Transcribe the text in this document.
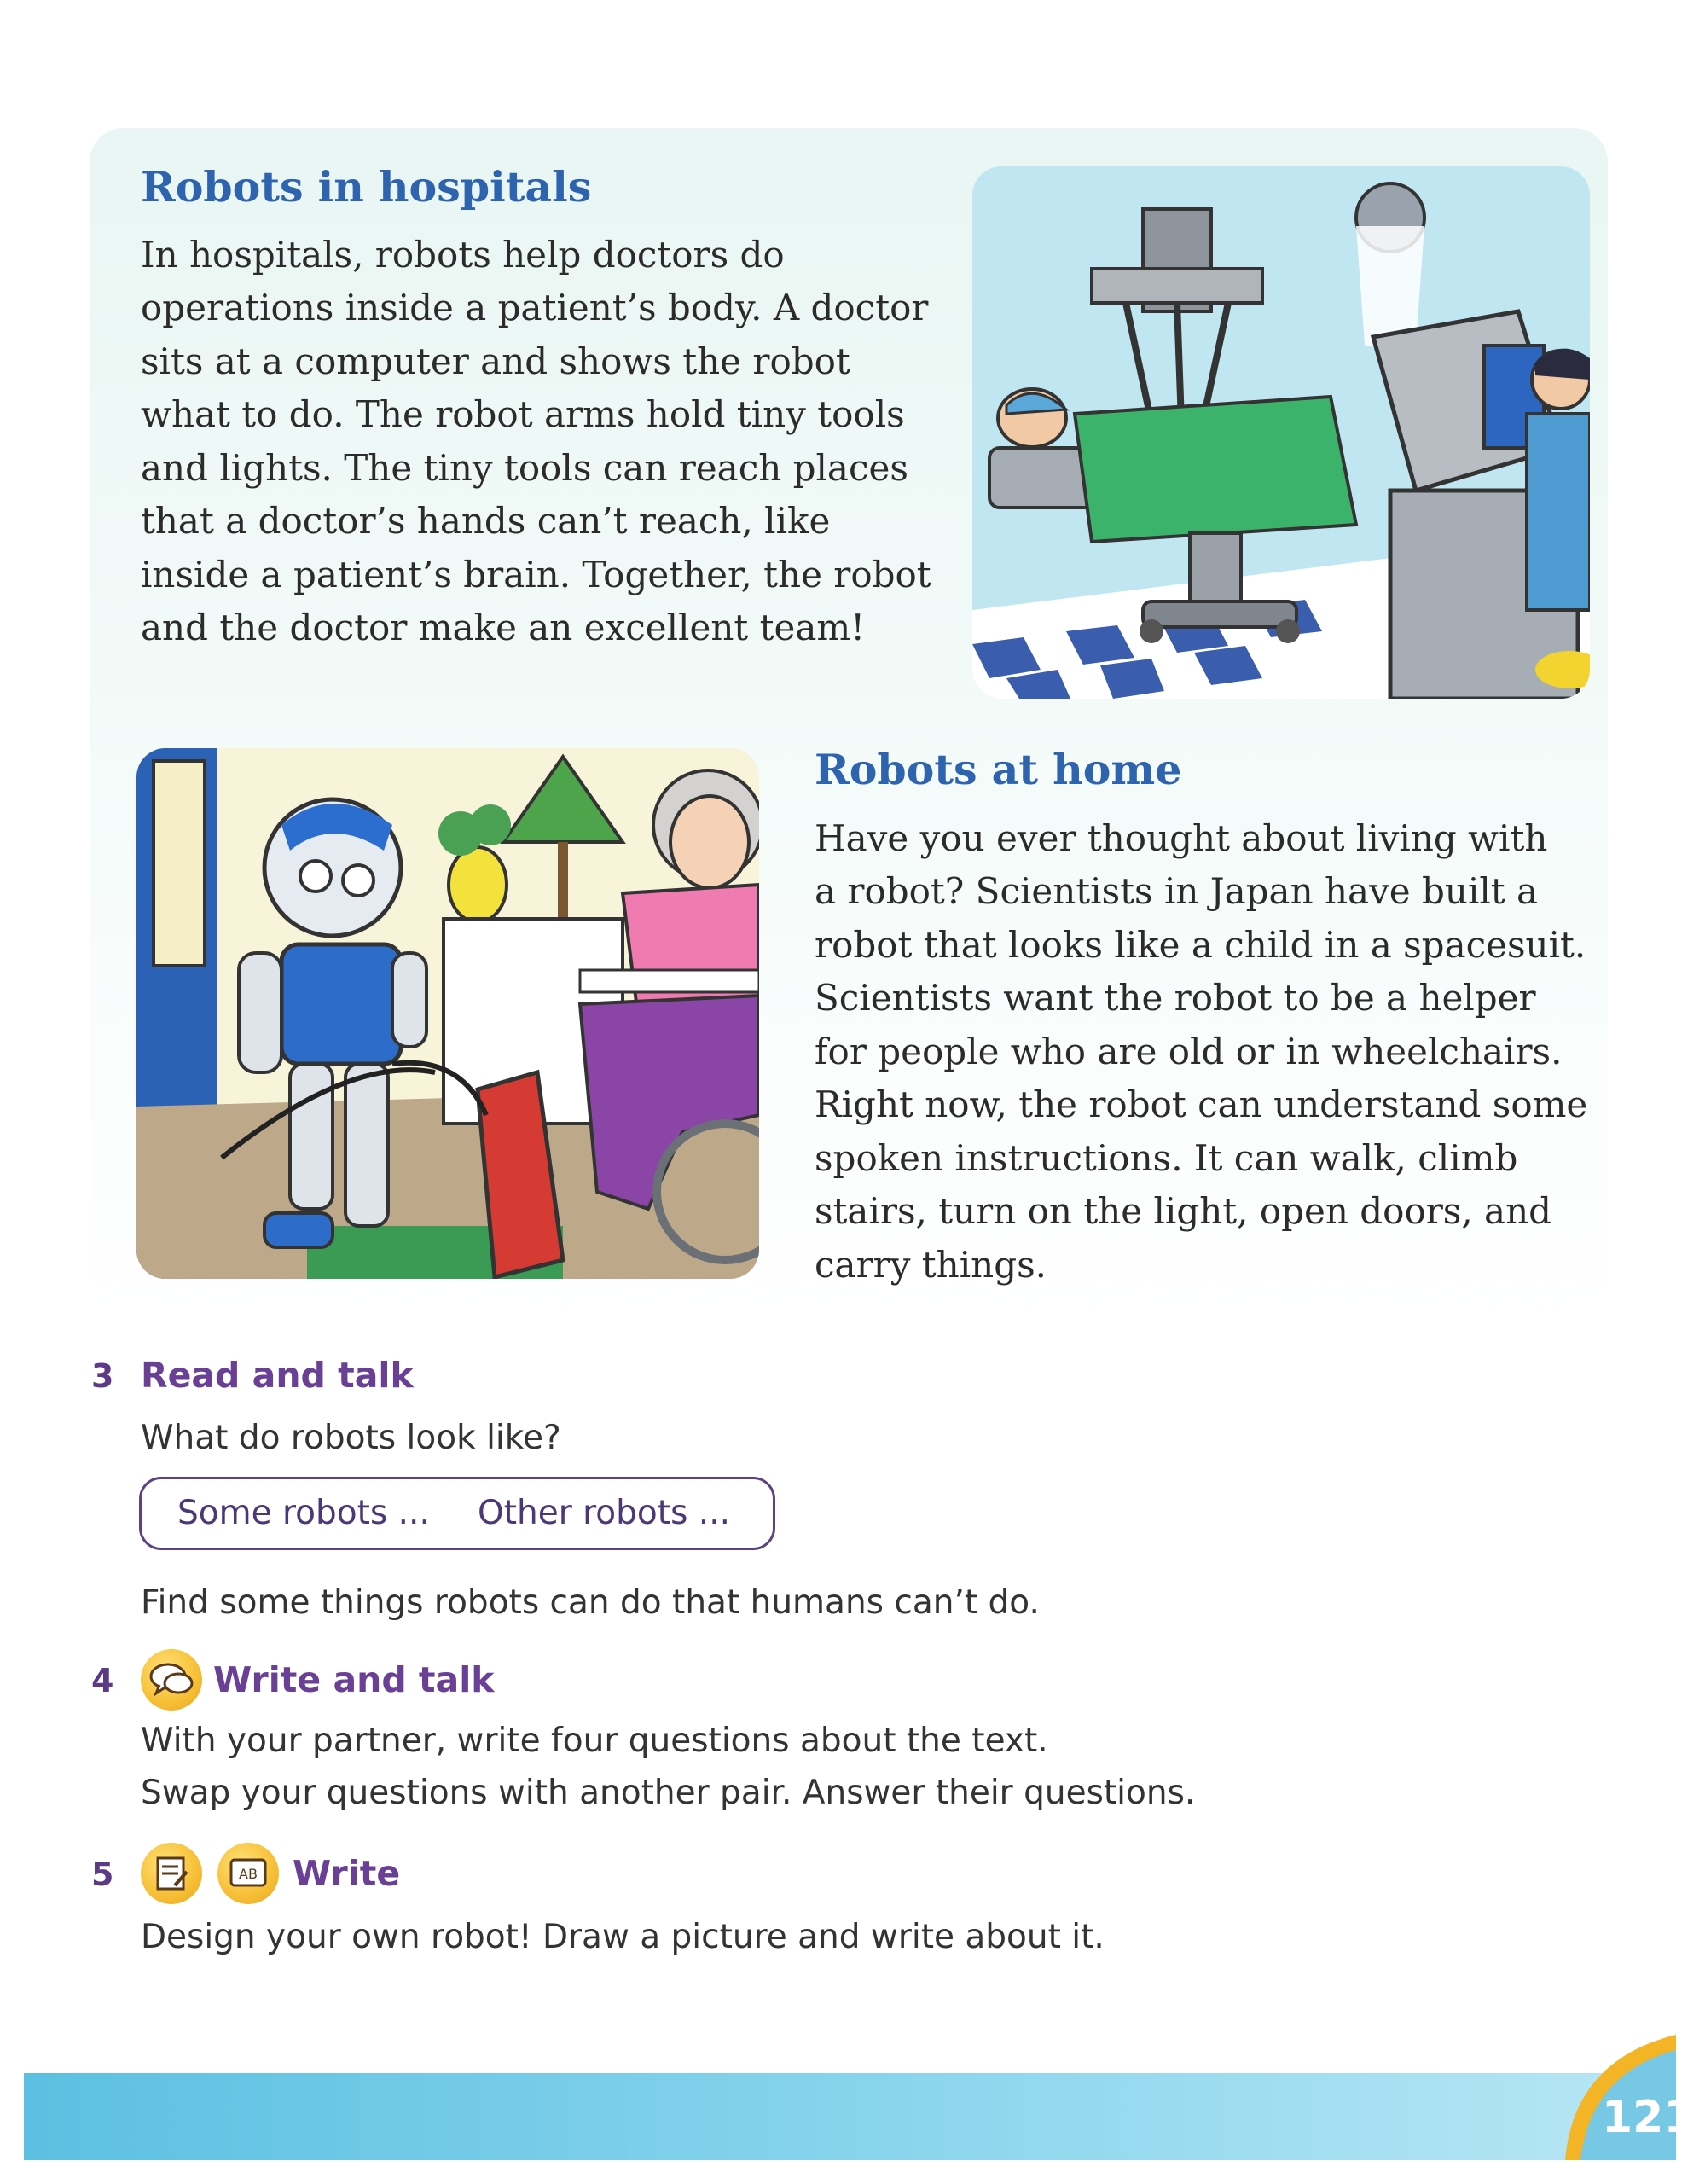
Robots in hospitals

In hospitals, robots help doctors do

operations inside a patient’s body. A doctor

sits at a computer and shows the robot

what to do. The robot arms hold tiny tools

and lights. The tiny tools can reach places

that a doctor’s hands can’t reach, like

inside a patient’s brain. Together, the robot

and the doctor make an excellent team!

Robots at home

Have you ever thought about living with

a robot? Scientists in Japan have built a

robot that looks like a child in a spacesuit.

Scientists want the robot to be a helper

for people who are old or in wheelchairs.

Right now, the robot can understand some

spoken instructions. It can walk, climb

stairs, turn on the light, open doors, and

carry things.

3 Read and talk

What do robots look like?

Some robots ... Other robots ...

Find some things robots can do that humans can’t do.

4	Write and talk

With your partner, write four questions about the text.

Swap your questions with another pair. Answer their questions.

5	AB Write

Design your own robot! Draw a picture and write about it.

121
